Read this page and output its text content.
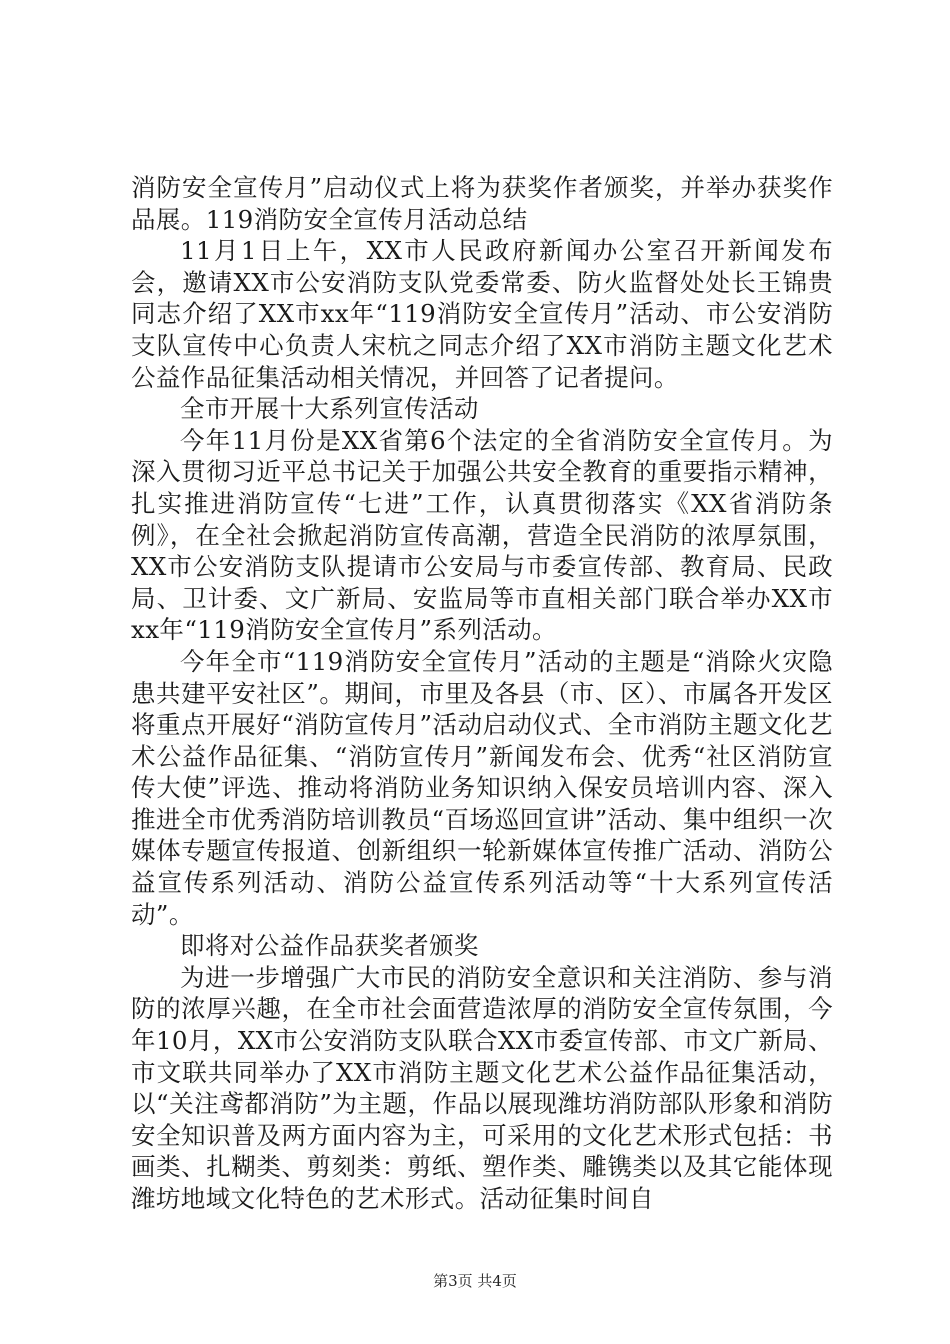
消防安全宣传月”启动仪式上将为获奖作者颁奖，并举办获奖作品展。119消防安全宣传月活动总结

11月1日上午，XX市人民政府新闻办公室召开新闻发布会，邀请XX市公安消防支队党委常委、防火监督处处长王锦贵同志介绍了XX市xx年“119消防安全宣传月”活动、市公安消防支队宣传中心负责人宋杭之同志介绍了XX市消防主题文化艺术公益作品征集活动相关情况，并回答了记者提问。

全市开展十大系列宣传活动

今年11月份是XX省第6个法定的全省消防安全宣传月。为深入贯彻习近平总书记关于加强公共安全教育的重要指示精神，扎实推进消防宣传“七进”工作，认真贯彻落实《XX省消防条例》，在全社会掀起消防宣传高潮，营造全民消防的浓厚氛围，XX市公安消防支队提请市公安局与市委宣传部、教育局、民政局、卫计委、文广新局、安监局等市直相关部门联合举办XX市xx年“119消防安全宣传月”系列活动。

今年全市“119消防安全宣传月”活动的主题是“消除火灾隐患共建平安社区”。期间，市里及各县（市、区）、市属各开发区将重点开展好“消防宣传月”活动启动仪式、全市消防主题文化艺术公益作品征集、“消防宣传月”新闻发布会、优秀“社区消防宣传大使”评选、推动将消防业务知识纳入保安员培训内容、深入推进全市优秀消防培训教员“百场巡回宣讲”活动、集中组织一次媒体专题宣传报道、创新组织一轮新媒体宣传推广活动、消防公益宣传系列活动、消防公益宣传系列活动等“十大系列宣传活动”。

即将对公益作品获奖者颁奖

为进一步增强广大市民的消防安全意识和关注消防、参与消防的浓厚兴趣，在全市社会面营造浓厚的消防安全宣传氛围，今年10月，XX市公安消防支队联合XX市委宣传部、市文广新局、市文联共同举办了XX市消防主题文化艺术公益作品征集活动，以“关注鸢都消防”为主题，作品以展现潍坊消防部队形象和消防安全知识普及两方面内容为主，可采用的文化艺术形式包括：书画类、扎糊类、剪刻类：剪纸、塑作类、雕镌类以及其它能体现潍坊地域文化特色的艺术形式。活动征集时间自

第3页 共4页
